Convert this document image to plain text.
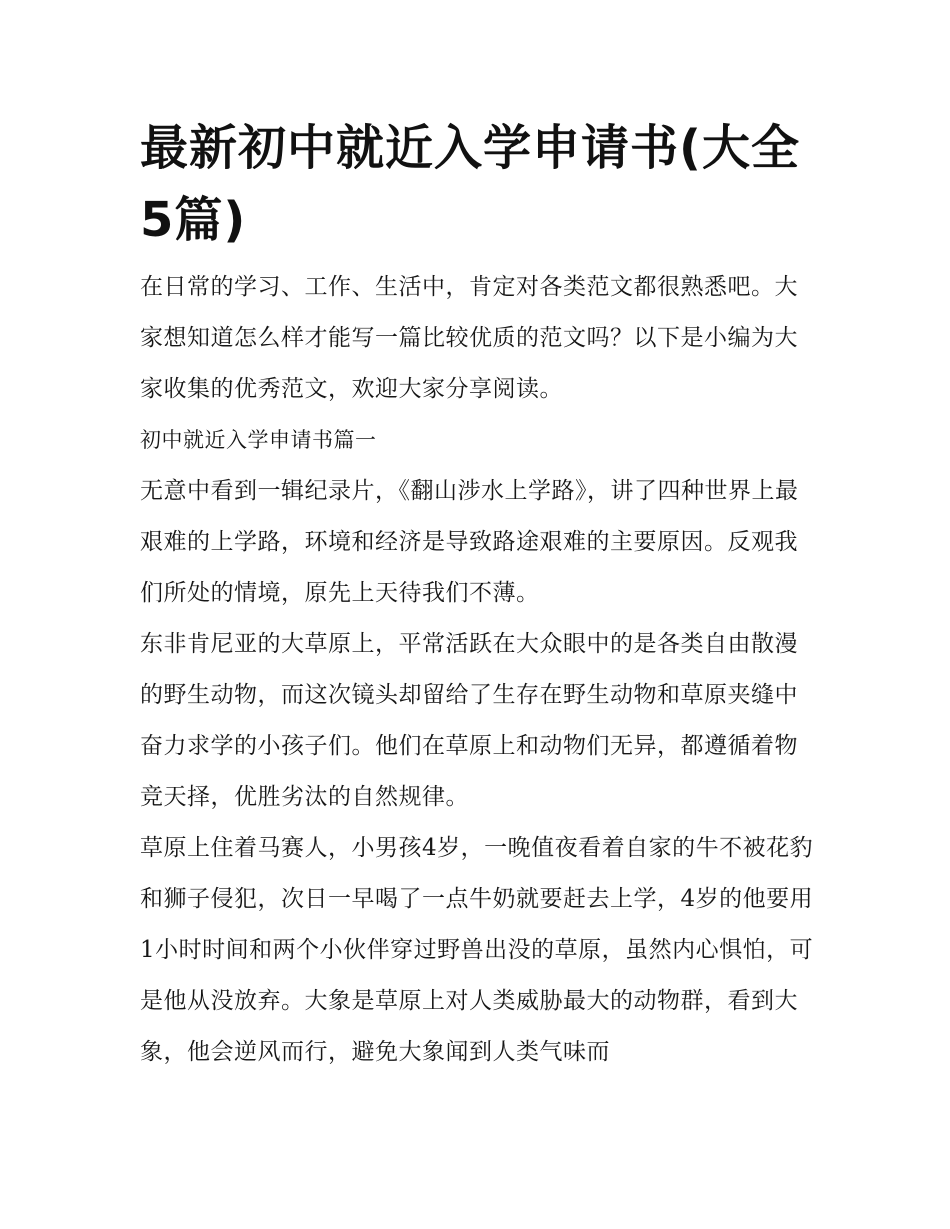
最新初中就近入学申请书(大全5篇)

在日常的学习、工作、生活中，肯定对各类范文都很熟悉吧。大家想知道怎么样才能写一篇比较优质的范文吗？以下是小编为大家收集的优秀范文，欢迎大家分享阅读。

初中就近入学申请书篇一

无意中看到一辑纪录片，《翻山涉水上学路》，讲了四种世界上最艰难的上学路，环境和经济是导致路途艰难的主要原因。反观我们所处的情境，原先上天待我们不薄。

东非肯尼亚的大草原上，平常活跃在大众眼中的是各类自由散漫的野生动物，而这次镜头却留给了生存在野生动物和草原夹缝中奋力求学的小孩子们。他们在草原上和动物们无异，都遵循着物竞天择，优胜劣汰的自然规律。

草原上住着马赛人，小男孩4岁，一晚值夜看着自家的牛不被花豹和狮子侵犯，次日一早喝了一点牛奶就要赶去上学，4岁的他要用1小时时间和两个小伙伴穿过野兽出没的草原，虽然内心惧怕，可是他从没放弃。大象是草原上对人类威胁最大的动物群，看到大象，他会逆风而行，避免大象闻到人类气味而
